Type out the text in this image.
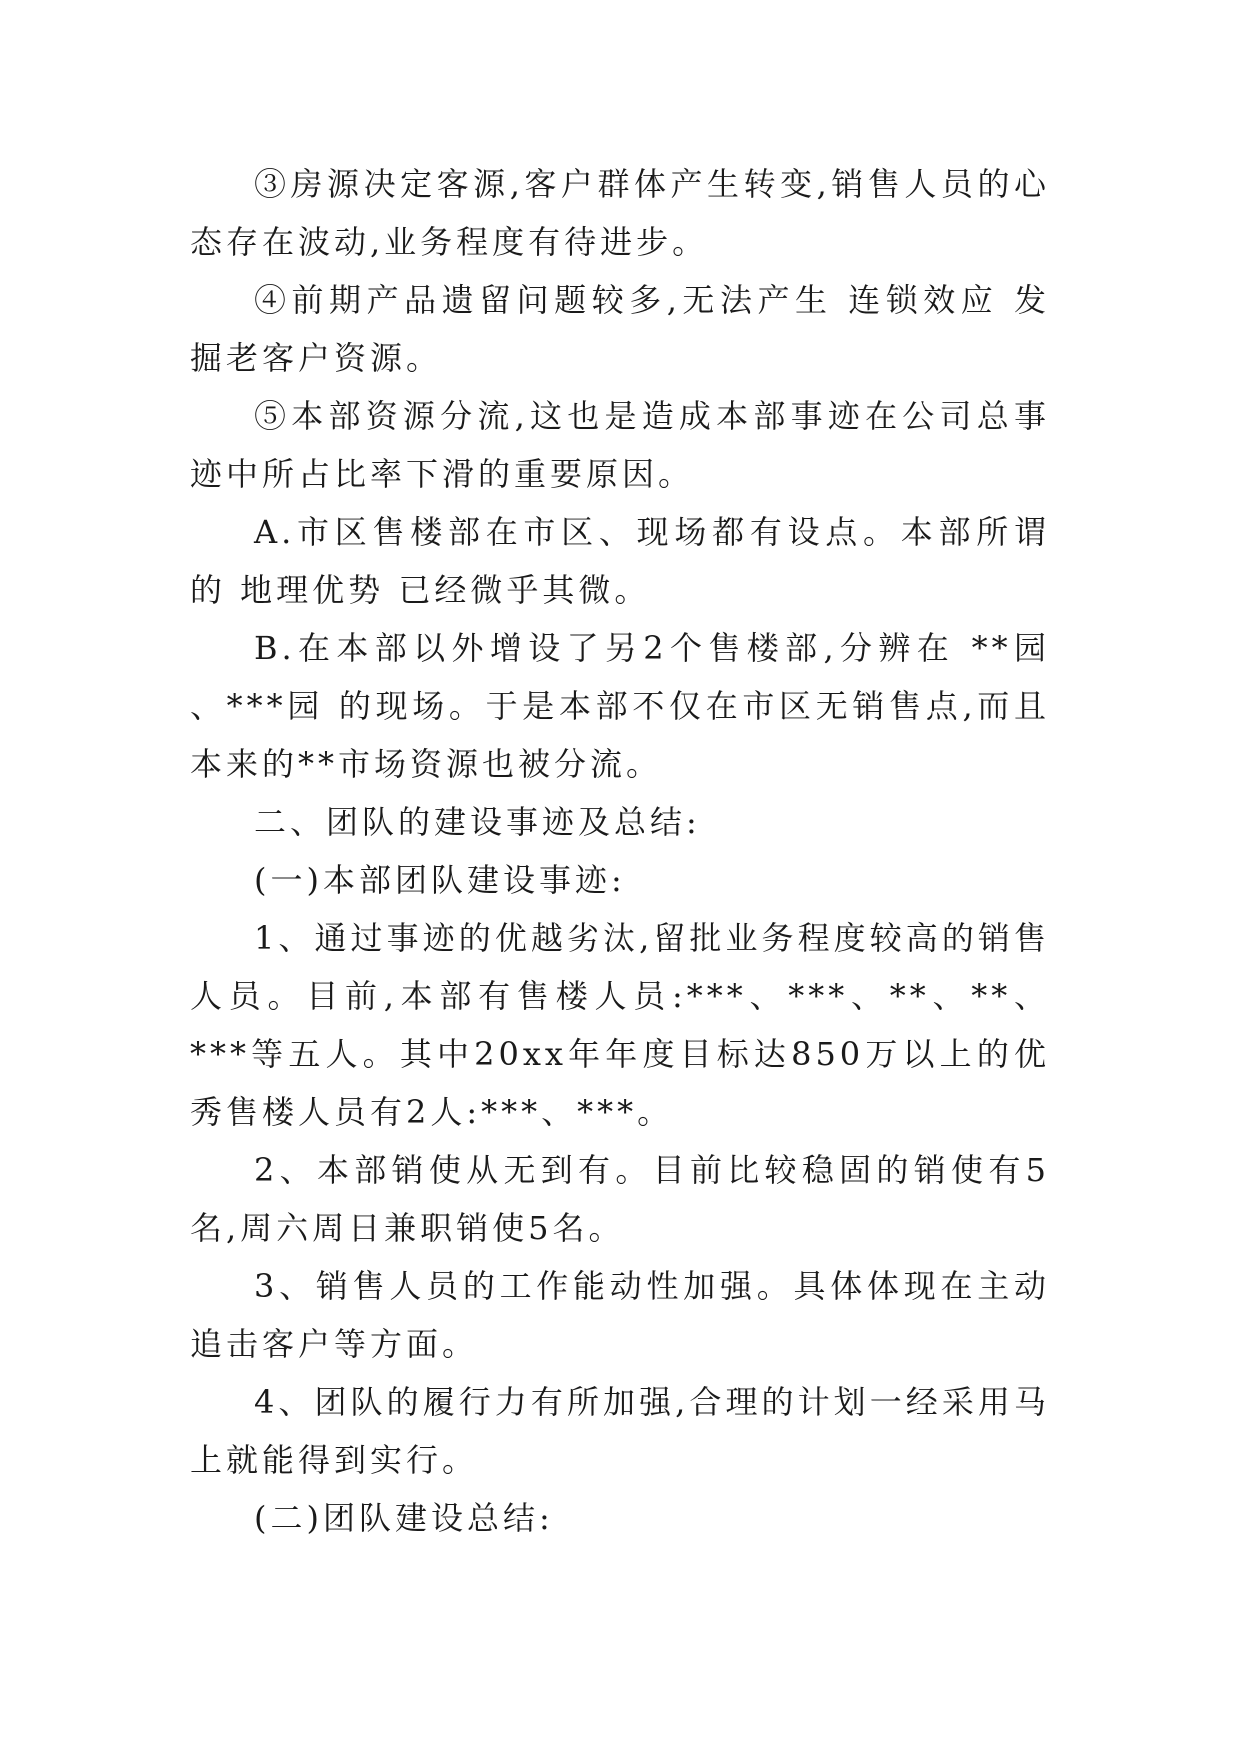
③房源决定客源,客户群体产生转变,销售人员的心态存在波动,业务程度有待进步。

④前期产品遗留问题较多,无法产生 连锁效应 发掘老客户资源。

⑤本部资源分流,这也是造成本部事迹在公司总事迹中所占比率下滑的重要原因。

A.市区售楼部在市区、现场都有设点。本部所谓的 地理优势 已经微乎其微。

B.在本部以外增设了另2个售楼部,分辨在 **园 、***园 的现场。于是本部不仅在市区无销售点,而且本来的**市场资源也被分流。

二、团队的建设事迹及总结:

(一)本部团队建设事迹:

1、通过事迹的优越劣汰,留批业务程度较高的销售人员。目前,本部有售楼人员:***、***、**、**、***等五人。其中20xx年年度目标达850万以上的优秀售楼人员有2人:***、***。

2、本部销使从无到有。目前比较稳固的销使有5名,周六周日兼职销使5名。

3、销售人员的工作能动性加强。具体体现在主动追击客户等方面。

4、团队的履行力有所加强,合理的计划一经采用马上就能得到实行。

(二)团队建设总结:
